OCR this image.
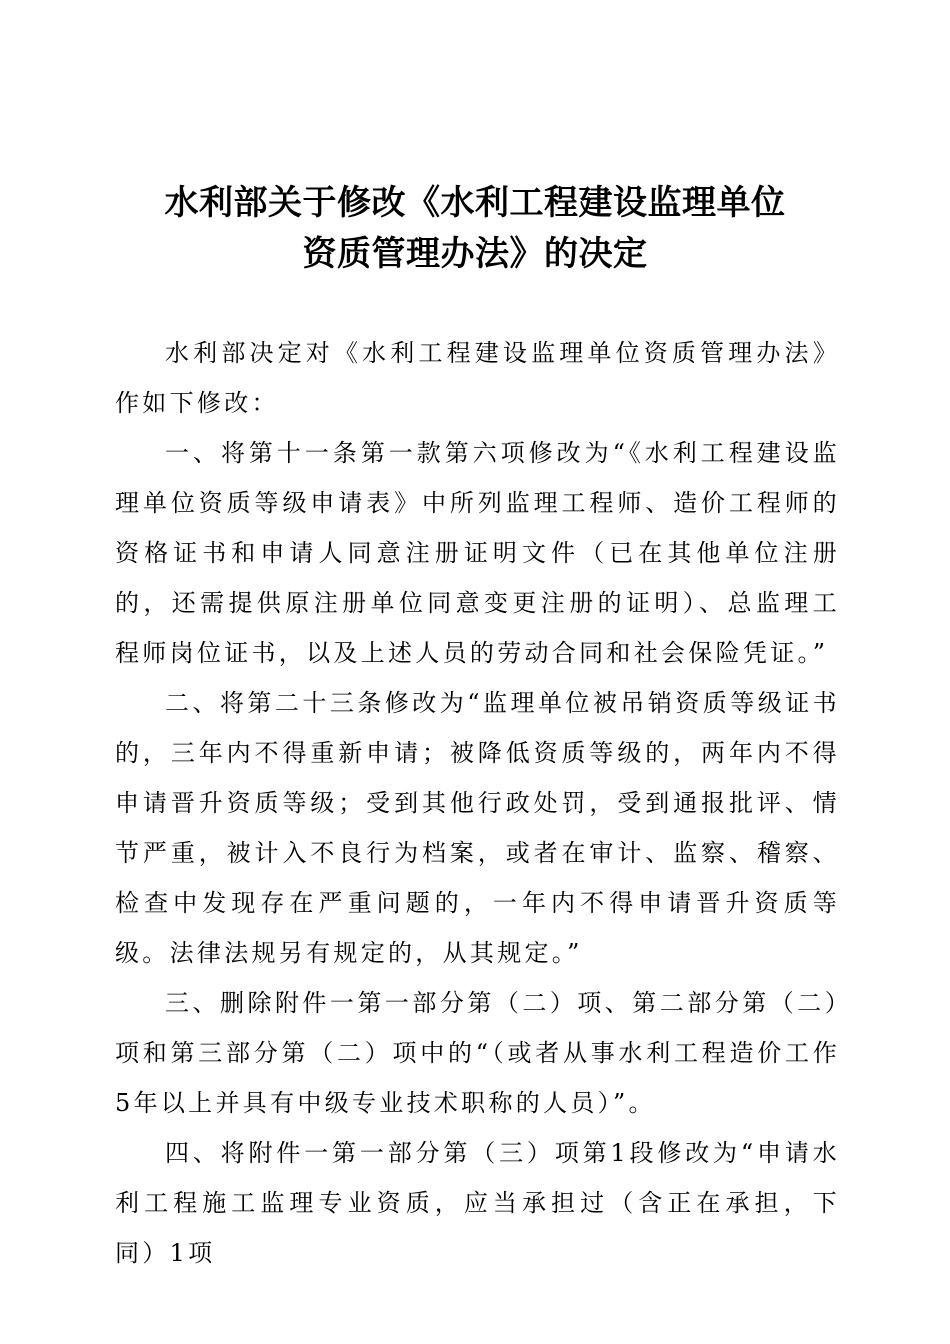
水利部关于修改《水利工程建设监理单位
资质管理办法》的决定

水利部决定对《水利工程建设监理单位资质管理办法》作如下修改：

一、将第十一条第一款第六项修改为“《水利工程建设监理单位资质等级申请表》中所列监理工程师、造价工程师的资格证书和申请人同意注册证明文件（已在其他单位注册的，还需提供原注册单位同意变更注册的证明）、总监理工程师岗位证书，以及上述人员的劳动合同和社会保险凭证。”

二、将第二十三条修改为“监理单位被吊销资质等级证书的，三年内不得重新申请；被降低资质等级的，两年内不得申请晋升资质等级；受到其他行政处罚，受到通报批评、情节严重，被计入不良行为档案，或者在审计、监察、稽察、检查中发现存在严重问题的，一年内不得申请晋升资质等级。法律法规另有规定的，从其规定。”

三、删除附件一第一部分第（二）项、第二部分第（二）项和第三部分第（二）项中的“（或者从事水利工程造价工作5年以上并具有中级专业技术职称的人员）”。

四、将附件一第一部分第（三）项第1段修改为“申请水利工程施工监理专业资质，应当承担过（含正在承担，下同）1项
